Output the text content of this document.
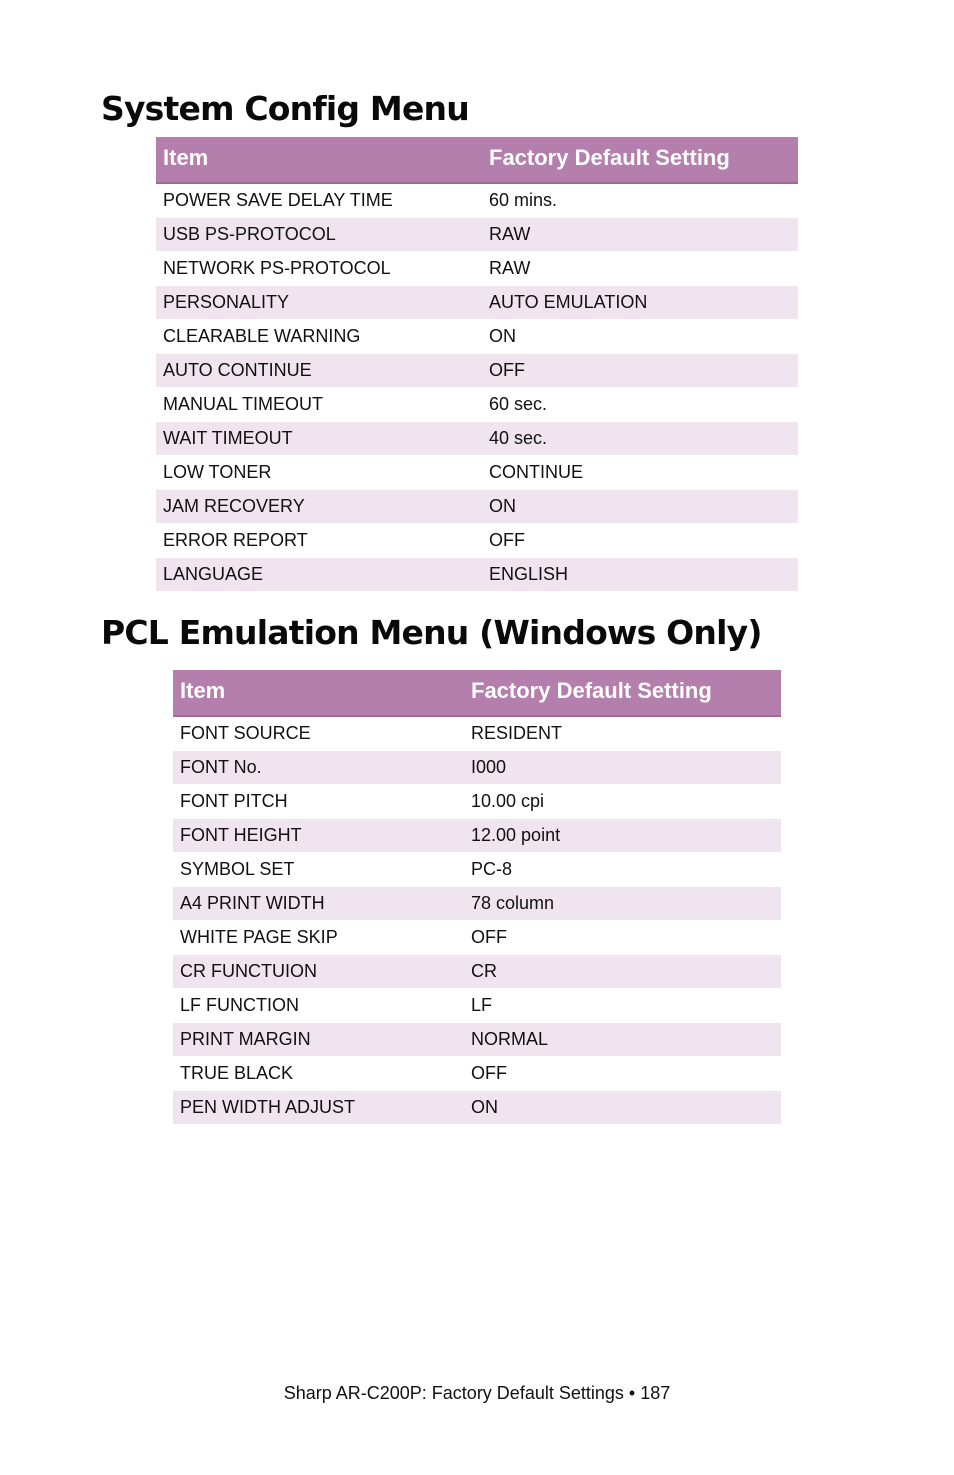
System Config Menu
Item	Factory Default Setting
POWER SAVE DELAY TIME	60 mins.
USB PS-PROTOCOL	RAW
NETWORK PS-PROTOCOL	RAW
PERSONALITY	AUTO EMULATION
CLEARABLE WARNING	ON
AUTO CONTINUE	OFF
MANUAL TIMEOUT	60 sec.
WAIT TIMEOUT	40 sec.
LOW TONER	CONTINUE
JAM RECOVERY	ON
ERROR REPORT	OFF
LANGUAGE	ENGLISH
PCL Emulation Menu (Windows Only)
Item	Factory Default Setting
FONT SOURCE	RESIDENT
FONT No.	I000
FONT PITCH	10.00 cpi
FONT HEIGHT	12.00 point
SYMBOL SET	PC-8
A4 PRINT WIDTH	78 column
WHITE PAGE SKIP	OFF
CR FUNCTUION	CR
LF FUNCTION	LF
PRINT MARGIN	NORMAL
TRUE BLACK	OFF
PEN WIDTH ADJUST	ON
Sharp AR-C200P: Factory Default Settings • 187
